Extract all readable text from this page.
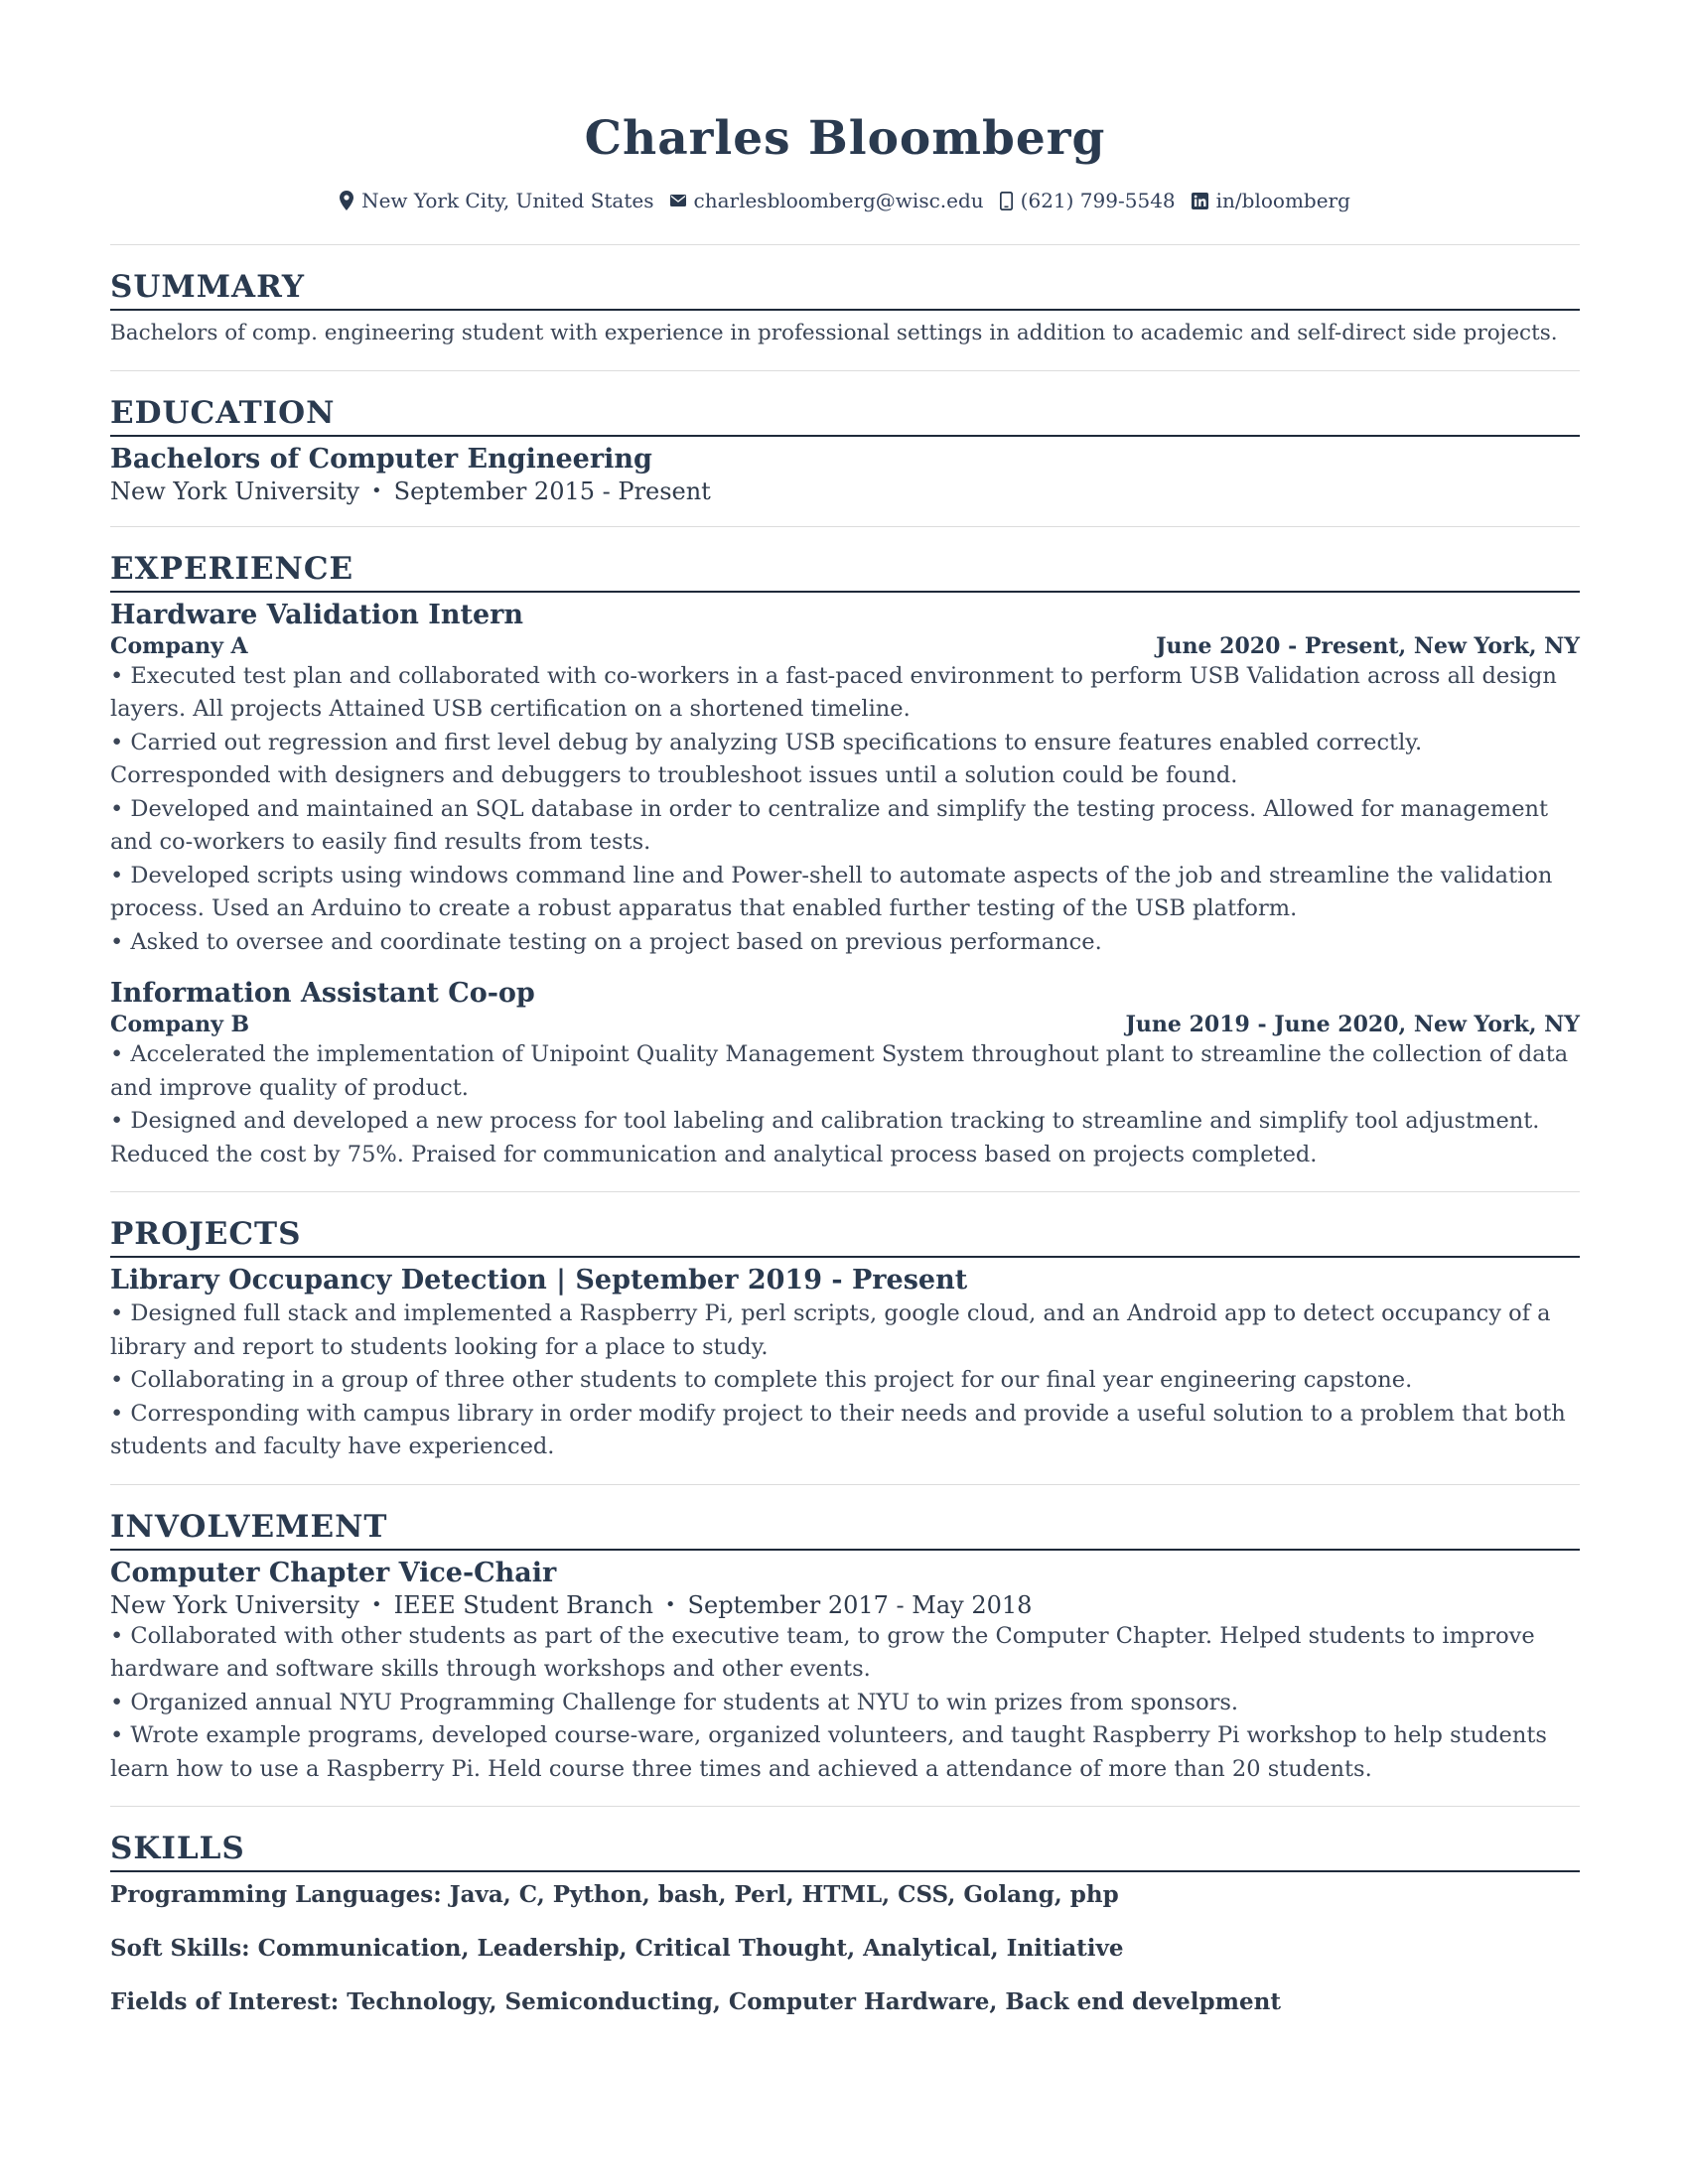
Charles Bloomberg
New York City, United States charlesbloomberg@wisc.edu (621) 799-5548 in/bloomberg
SUMMARY
Bachelors of comp. engineering student with experience in professional settings in addition to academic and self-direct side projects.
EDUCATION
Bachelors of Computer Engineering
New York University • September 2015 - Present
EXPERIENCE
Hardware Validation Intern
Company A	June 2020 - Present, New York, NY
• Executed test plan and collaborated with co-workers in a fast-paced environment to perform USB Validation across all design layers. All projects Attained USB certification on a shortened timeline.
• Carried out regression and first level debug by analyzing USB specifications to ensure features enabled correctly. Corresponded with designers and debuggers to troubleshoot issues until a solution could be found.
• Developed and maintained an SQL database in order to centralize and simplify the testing process. Allowed for management and co-workers to easily find results from tests.
• Developed scripts using windows command line and Power-shell to automate aspects of the job and streamline the validation process. Used an Arduino to create a robust apparatus that enabled further testing of the USB platform.
• Asked to oversee and coordinate testing on a project based on previous performance.
Information Assistant Co-op
Company B	June 2019 - June 2020, New York, NY
• Accelerated the implementation of Unipoint Quality Management System throughout plant to streamline the collection of data and improve quality of product.
• Designed and developed a new process for tool labeling and calibration tracking to streamline and simplify tool adjustment. Reduced the cost by 75%. Praised for communication and analytical process based on projects completed.
PROJECTS
Library Occupancy Detection | September 2019 - Present
• Designed full stack and implemented a Raspberry Pi, perl scripts, google cloud, and an Android app to detect occupancy of a library and report to students looking for a place to study.
• Collaborating in a group of three other students to complete this project for our final year engineering capstone.
• Corresponding with campus library in order modify project to their needs and provide a useful solution to a problem that both students and faculty have experienced.
INVOLVEMENT
Computer Chapter Vice-Chair
New York University • IEEE Student Branch • September 2017 - May 2018
• Collaborated with other students as part of the executive team, to grow the Computer Chapter. Helped students to improve hardware and software skills through workshops and other events.
• Organized annual NYU Programming Challenge for students at NYU to win prizes from sponsors.
• Wrote example programs, developed course-ware, organized volunteers, and taught Raspberry Pi workshop to help students learn how to use a Raspberry Pi. Held course three times and achieved a attendance of more than 20 students.
SKILLS
Programming Languages: Java, C, Python, bash, Perl, HTML, CSS, Golang, php
Soft Skills: Communication, Leadership, Critical Thought, Analytical, Initiative
Fields of Interest: Technology, Semiconducting, Computer Hardware, Back end develpment
